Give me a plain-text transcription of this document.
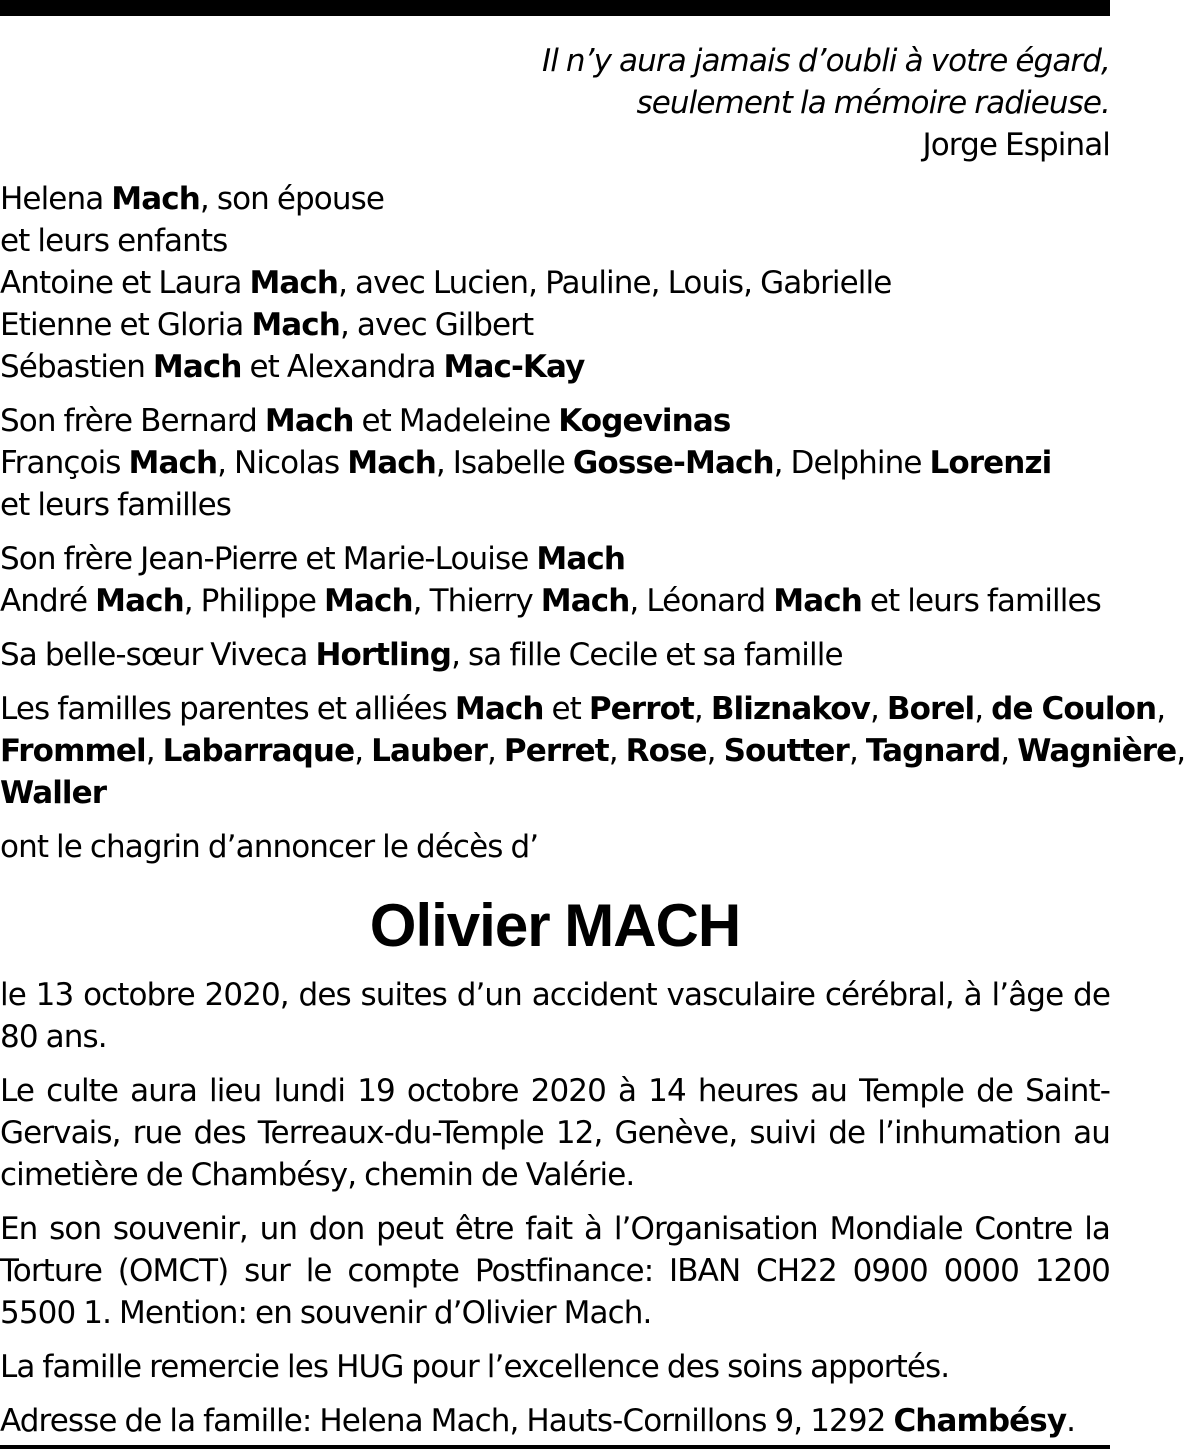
Il n’y aura jamais d’oubli à votre égard,
seulement la mémoire radieuse.
Jorge Espinal
Helena Mach, son épouse
et leurs enfants
Antoine et Laura Mach, avec Lucien, Pauline, Louis, Gabrielle
Etienne et Gloria Mach, avec Gilbert
Sébastien Mach et Alexandra Mac-Kay
Son frère Bernard Mach et Madeleine Kogevinas
François Mach, Nicolas Mach, Isabelle Gosse-Mach, Delphine Lorenzi
et leurs familles
Son frère Jean-Pierre et Marie-Louise Mach
André Mach, Philippe Mach, Thierry Mach, Léonard Mach et leurs familles
Sa belle-sœur Viveca Hortling, sa fille Cecile et sa famille
Les familles parentes et alliées Mach et Perrot, Bliznakov, Borel, de Coulon,
Frommel, Labarraque, Lauber, Perret, Rose, Soutter, Tagnard, Wagnière,
Waller
ont le chagrin d’annoncer le décès d’
Olivier MACH
le 13 octobre 2020, des suites d’un accident vasculaire cérébral, à l’âge de 80 ans.
Le culte aura lieu lundi 19 octobre 2020 à 14 heures au Temple de Saint-Gervais, rue des Terreaux-du-Temple 12, Genève, suivi de l’inhumation au cimetière de Chambésy, chemin de Valérie.
En son souvenir, un don peut être fait à l’Organisation Mondiale Contre la Torture (OMCT) sur le compte Postfinance: IBAN CH22 0900 0000 1200 5500 1. Mention: en souvenir d’Olivier Mach.
La famille remercie les HUG pour l’excellence des soins apportés.
Adresse de la famille: Helena Mach, Hauts-Cornillons 9, 1292 Chambésy.
